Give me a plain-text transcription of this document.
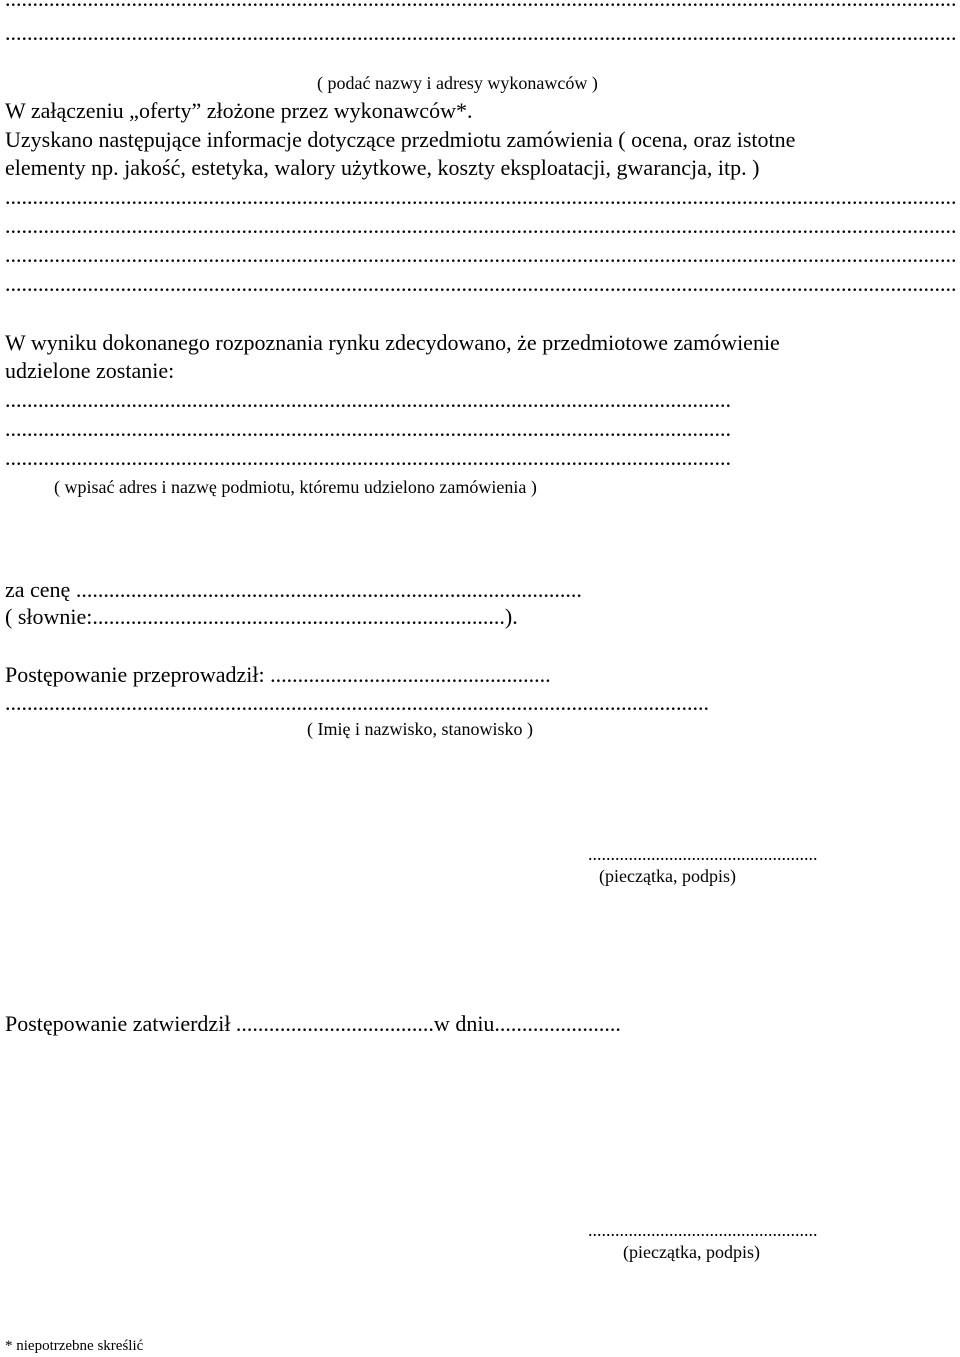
.....
.....
( podać nazwy i adresy wykonawców )
W załączeniu „oferty” złożone przez wykonawców*.
Uzyskano następujące informacje dotyczące przedmiotu zamówienia ( ocena, oraz istotne
elementy np. jakość, estetyka, walory użytkowe, koszty eksploatacji, gwarancja, itp. )
.....
.....
.....
.....
W wyniku dokonanego rozpoznania rynku zdecydowano, że przedmiotowe zamówienie
udzielone zostanie:
.....
.....
.....
( wpisać adres i nazwę podmiotu, któremu udzielono zamówienia )
za cenę ............................................................................................
( słownie:...........................................................................).
Postępowanie przeprowadził: ...................................................
.....
( Imię i nazwisko, stanowisko )
...................................................
(pieczątka, podpis)
Postępowanie zatwierdził ....................................w dniu.......................
...................................................
(pieczątka, podpis)
* niepotrzebne skreślić
